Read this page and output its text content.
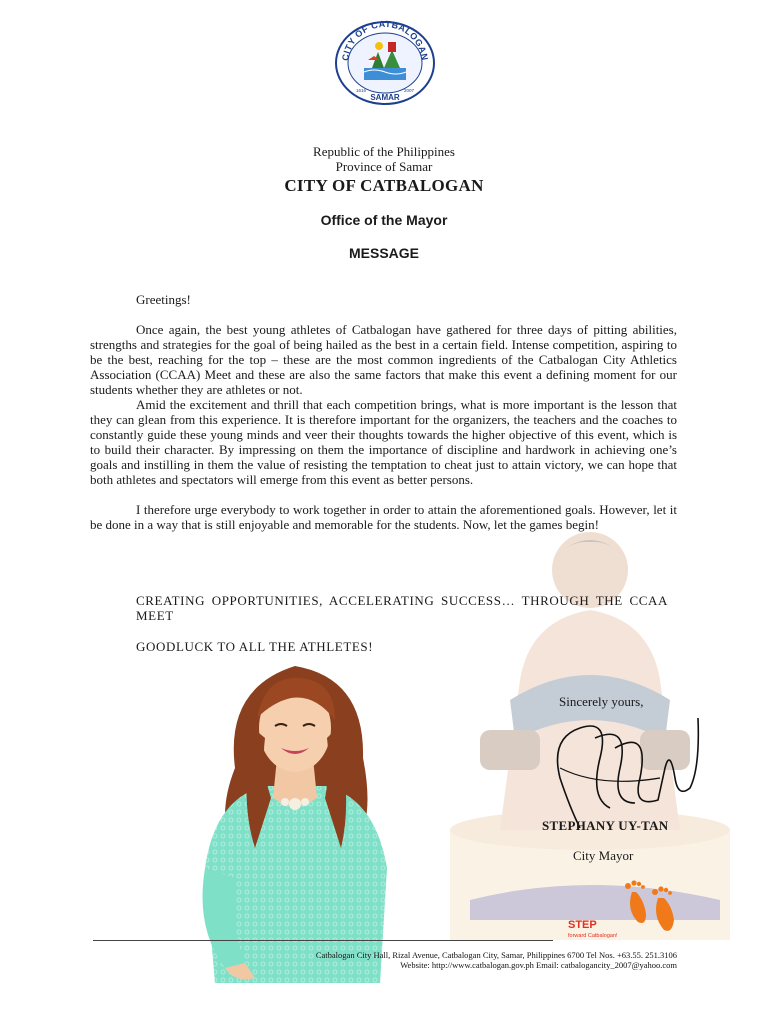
CITY OF CATBALOGAN
SAMAR
1616	2007
Republic of the Philippines
Province of Samar
CITY OF CATBALOGAN
Office of the Mayor
MESSAGE

Greetings!

Once again, the best young athletes of Catbalogan have gathered for three days of pitting abilities, strengths and strategies for the goal of being hailed as the best in a certain field. Intense competition, aspiring to be the best, reaching for the top – these are the most common ingredients of the Catbalogan City Athletics Association (CCAA) Meet and these are also the same factors that make this event a defining moment for our students whether they are athletes or not.

Amid the excitement and thrill that each competition brings, what is more important is the lesson that they can glean from this experience. It is therefore important for the organizers, the teachers and the coaches to constantly guide these young minds and veer their thoughts towards the higher objective of this event, which is to build their character. By impressing on them the importance of discipline and hardwork in achieving one’s goals and instilling in them the value of resisting the temptation to cheat just to attain victory, we can hope that both athletes and spectators will emerge from this event as better persons.

I therefore urge everybody to work together in order to attain the aforementioned goals. However, let it be done in a way that is still enjoyable and memorable for the students. Now, let the games begin!

CREATING OPPORTUNITIES, ACCELERATING SUCCESS… THROUGH THE CCAA MEET
GOODLUCK TO ALL THE ATHLETES!
Sincerely yours,
STEPHANY UY-TAN
City Mayor
STEP
forward Catbalogan!
Catbalogan City Hall, Rizal Avenue, Catbalogan City, Samar, Philippines 6700 Tel Nos. +63.55. 251.3106
Website: http://www.catbalogan.gov.ph Email: catbalogancity_2007@yahoo.com
